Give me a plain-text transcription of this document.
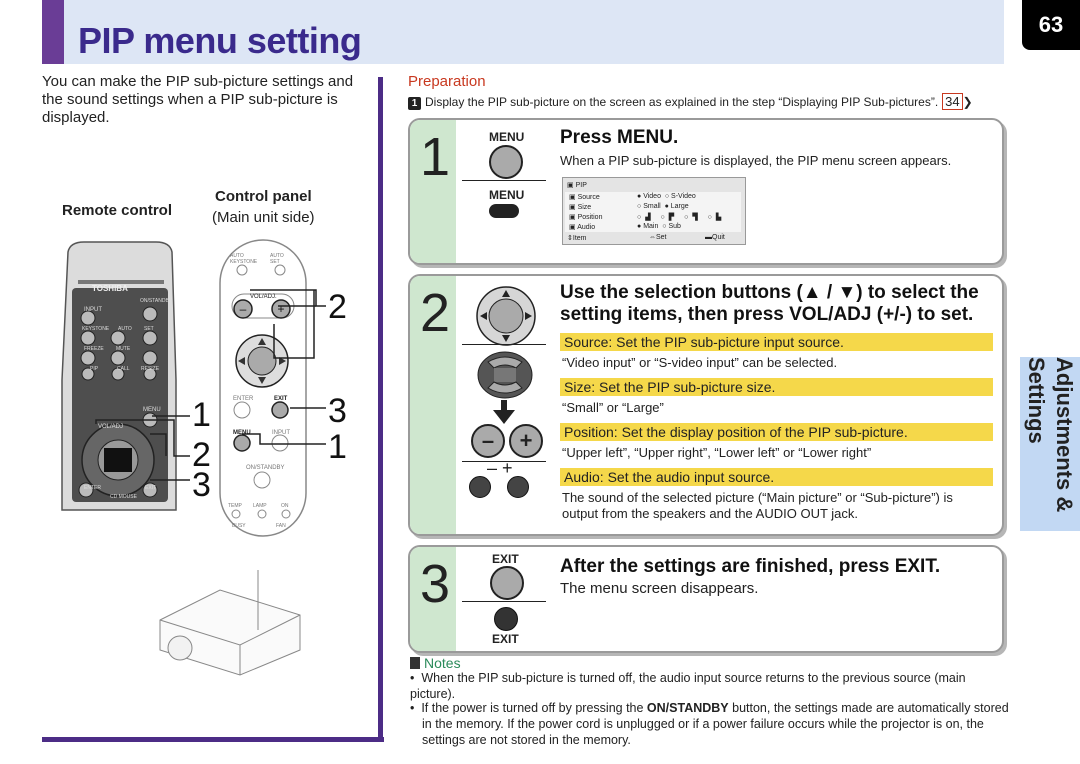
PIP menu setting	63
Adjustments & Settings
You can make the PIP sub-picture settings and the sound settings when a PIP sub-picture is displayed.
Remote control
Control panel
(Main unit side)
TOSHIBA
INPUT
ON/STANDBY
KEYSTONE AUTO SET
FREEZE MUTE
PIP	CALL RESIZE
MENU
VOL/ADJ
ENTER	EXIT
CD MOUSE
1
2
3
–	+
AUTO KEYSTONE
AUTO SET
VOL/ADJ.
ENTER	EXIT
MENU	INPUT
ON/STANDBY
TEMP LAMP	ON
BUSY	FAN
2
3
1
Preparation
1 Display the PIP sub-picture on the screen as explained in the step “Displaying PIP Sub-pictures”. 34 ❯
1	MENU
MENU
Press MENU.
When a PIP sub-picture is displayed, the PIP menu screen appears.
▣ PIP
▣ Source	● Video  ○ S-Video
▣ Size	○ Small  ● Large
▣ Position	○▟ ○▛ ○▜ ○▙
▣ Audio	● Main  ○ Sub
⇕Item	⇔Set	▬Quit
2
–	+
– +
Use the selection buttons (▲ / ▼) to select the
setting items, then press VOL/ADJ (+/-) to set.
Source: Set the PIP sub-picture input source.
“Video input” or “S-video input” can be selected.
Size: Set the PIP sub-picture size.
“Small” or “Large”
Position: Set the display position of the PIP sub-picture.
“Upper left”, “Upper right”, “Lower left” or “Lower right”
Audio: Set the audio input source.
The sound of the selected picture (“Main picture” or “Sub-picture”) is output from the speakers and the AUDIO OUT jack.
3	EXIT
EXIT
After the settings are finished, press EXIT.
The menu screen disappears.
Notes
•  When the PIP sub-picture is turned off, the audio input source returns to the previous source (main picture).
•  If the power is turned off by pressing the ON/STANDBY button, the settings made are automatically stored in the memory. If the power cord is unplugged or if a power failure occurs while the projector is on, the settings are not stored in the memory.
